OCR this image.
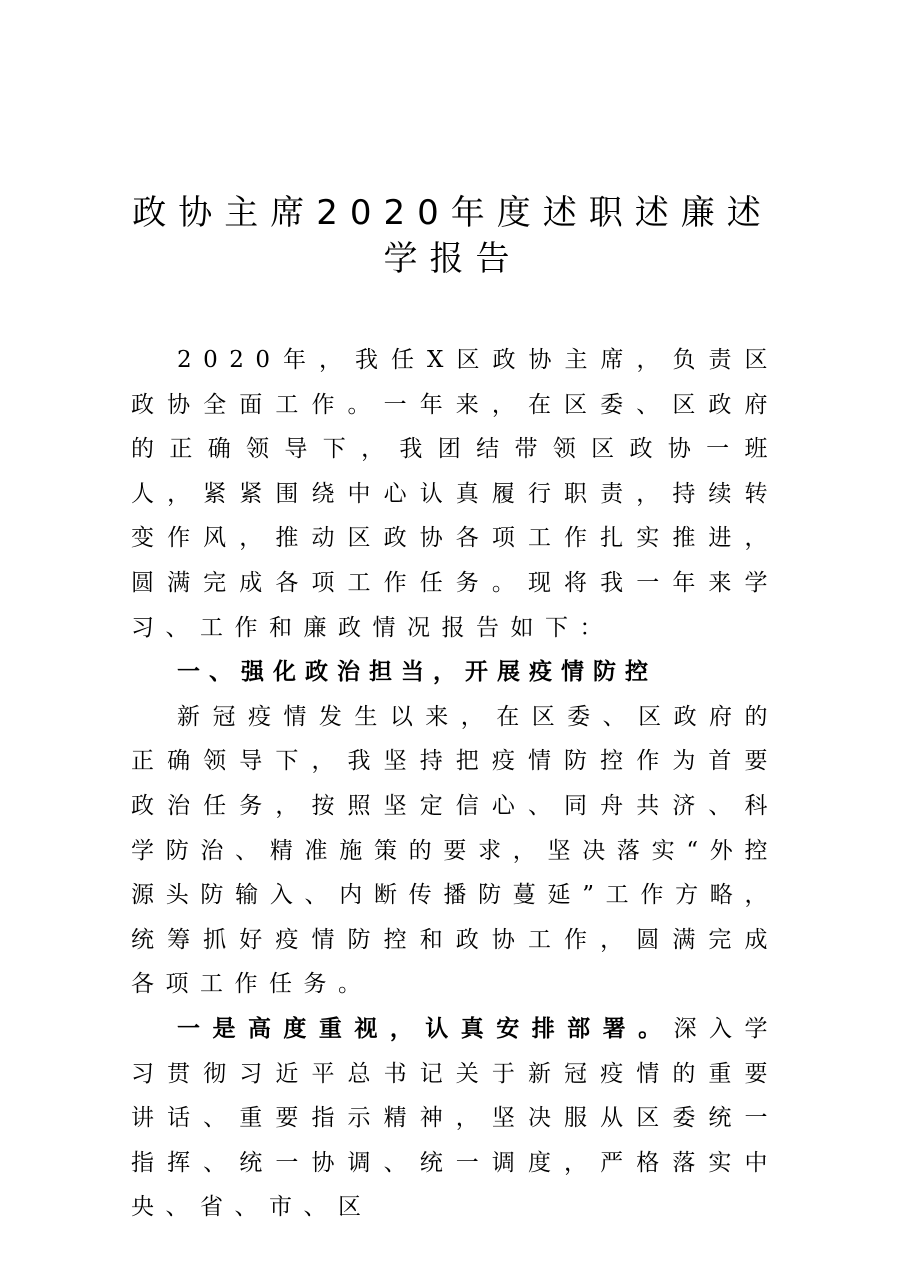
政协主席2020年度述职述廉述学报告

2020年，我任X区政协主席，负责区政协全面工作。一年来，在区委、区政府的正确领导下，我团结带领区政协一班人，紧紧围绕中心认真履行职责，持续转变作风，推动区政协各项工作扎实推进，圆满完成各项工作任务。现将我一年来学习、工作和廉政情况报告如下：

一、强化政治担当，开展疫情防控

新冠疫情发生以来，在区委、区政府的正确领导下，我坚持把疫情防控作为首要政治任务，按照坚定信心、同舟共济、科学防治、精准施策的要求，坚决落实“外控源头防输入、内断传播防蔓延”工作方略，统筹抓好疫情防控和政协工作，圆满完成各项工作任务。

一是高度重视，认真安排部署。深入学习贯彻习近平总书记关于新冠疫情的重要讲话、重要指示精神，坚决服从区委统一指挥、统一协调、统一调度，严格落实中央、省、市、区
